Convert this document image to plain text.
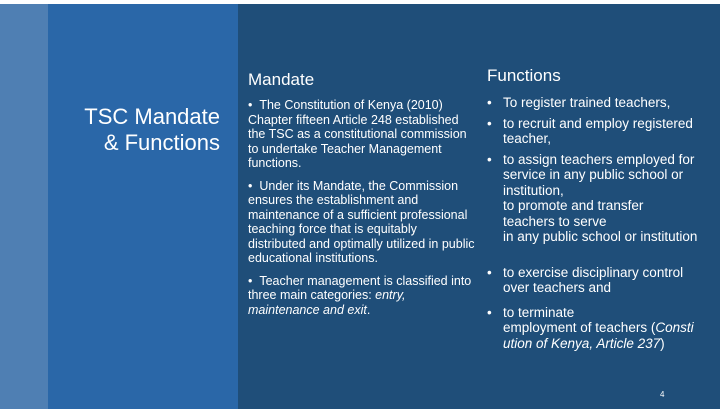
TSC Mandate
& Functions
Mandate

• The Constitution of Kenya (2010) Chapter fifteen Article 248 established the TSC as a constitutional commission to undertake Teacher Management functions.

• Under its Mandate, the Commission ensures the establishment and maintenance of a sufficient professional teaching force that is equitably distributed and optimally utilized in public educational institutions.

• Teacher management is classified into three main categories: entry, maintenance and exit.

Functions
• To register trained teachers,
• to recruit and employ registered
teacher,
• to assign teachers employed for
service in any public school or
institution,
to promote and transfer
teachers to serve
in any public school or institution
• to exercise disciplinary control
over teachers and
• to terminate
employment of teachers (Consti
ution of Kenya, Article 237)
4
